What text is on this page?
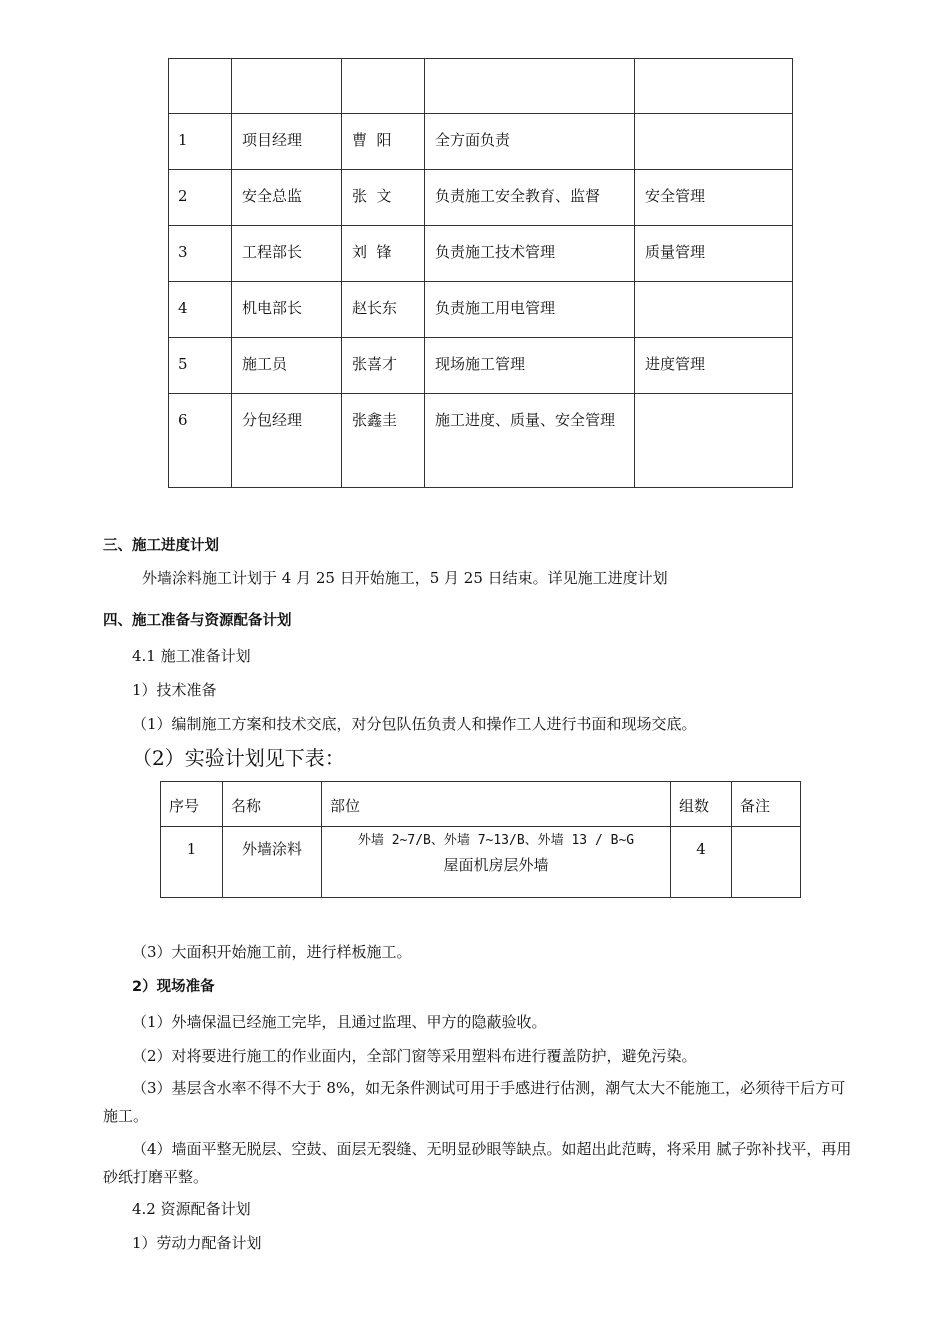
1	项目经理	曹  阳	全方面负责	
2	安全总监	张  文	负责施工安全教育、监督	安全管理
3	工程部长	刘  锋	负责施工技术管理	质量管理
4	机电部长	赵长东	负责施工用电管理	
5	施工员	张喜才	现场施工管理	进度管理
6	分包经理	张鑫圭	施工进度、质量、安全管理	
三、施工进度计划
外墙涂料施工计划于 4 月 25 日开始施工，5 月 25 日结束。详见施工进度计划
四、施工准备与资源配备计划
4.1 施工准备计划
1）技术准备
（1）编制施工方案和技术交底，对分包队伍负责人和操作工人进行书面和现场交底。
（2）实验计划见下表：
序号	名称	部位	组数	备注
1	外墙涂料	外墙 2~7/B、外墙 7~13/B、外墙 13 / B~G
屋面机房层外墙	4	
（3）大面积开始施工前，进行样板施工。
2）现场准备
（1）外墙保温已经施工完毕，且通过监理、甲方的隐蔽验收。
（2）对将要进行施工的作业面内，全部门窗等采用塑料布进行覆盖防护，避免污染。
（3）基层含水率不得不大于 8%，如无条件测试可用于手感进行估测，潮气太大不能施工，必须待干后方可施工。
（4）墙面平整无脱层、空鼓、面层无裂缝、无明显砂眼等缺点。如超出此范畴，将采用 腻子弥补找平，再用砂纸打磨平整。
4.2 资源配备计划
1）劳动力配备计划
